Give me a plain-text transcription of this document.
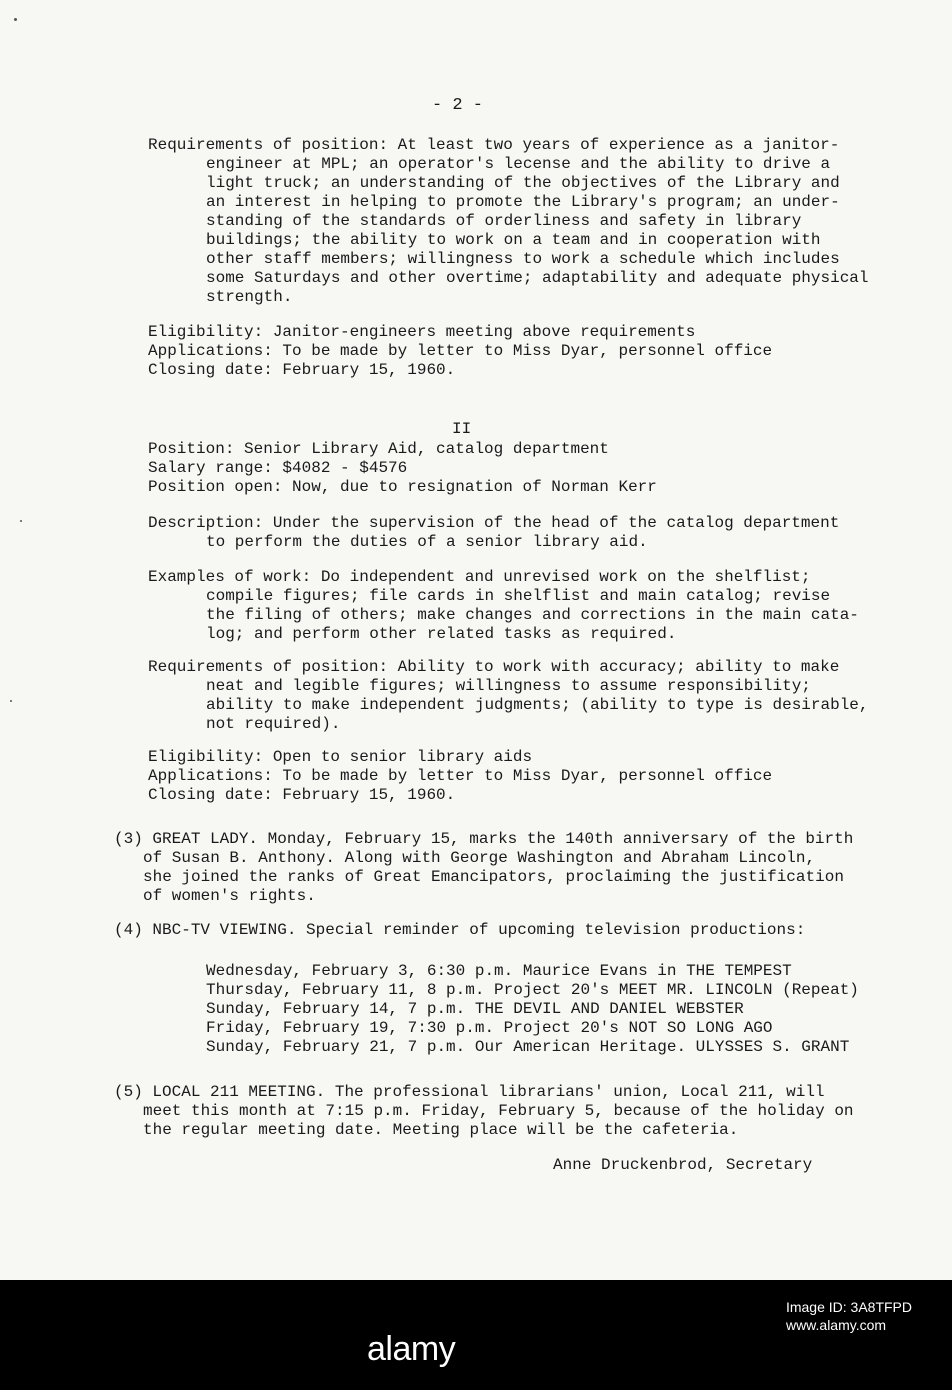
- 2 -

Requirements of position: At least two years of experience as a janitor-

engineer at MPL; an operator's lecense and the ability to drive a

light truck; an understanding of the objectives of the Library and

an interest in helping to promote the Library's program; an under-

standing of the standards of orderliness and safety in library

buildings; the ability to work on a team and in cooperation with

other staff members; willingness to work a schedule which includes

some Saturdays and other overtime; adaptability and adequate physical

strength.

Eligibility: Janitor-engineers meeting above requirements

Applications: To be made by letter to Miss Dyar, personnel office

Closing date: February 15, 1960.

II

Position: Senior Library Aid, catalog department

Salary range: $4082 - $4576

Position open: Now, due to resignation of Norman Kerr

Description: Under the supervision of the head of the catalog department

to perform the duties of a senior library aid.

Examples of work: Do independent and unrevised work on the shelflist;

compile figures; file cards in shelflist and main catalog; revise

the filing of others; make changes and corrections in the main cata-

log; and perform other related tasks as required.

Requirements of position: Ability to work with accuracy; ability to make

neat and legible figures; willingness to assume responsibility;

ability to make independent judgments; (ability to type is desirable,

not required).

Eligibility: Open to senior library aids

Applications: To be made by letter to Miss Dyar, personnel office

Closing date: February 15, 1960.

(3) GREAT LADY. Monday, February 15, marks the 140th anniversary of the birth

of Susan B. Anthony. Along with George Washington and Abraham Lincoln,

she joined the ranks of Great Emancipators, proclaiming the justification

of women's rights.

(4) NBC-TV VIEWING. Special reminder of upcoming television productions:

Wednesday, February 3, 6:30 p.m. Maurice Evans in THE TEMPEST

Thursday, February 11, 8 p.m. Project 20's MEET MR. LINCOLN (Repeat)

Sunday, February 14, 7 p.m. THE DEVIL AND DANIEL WEBSTER

Friday, February 19, 7:30 p.m. Project 20's NOT SO LONG AGO

Sunday, February 21, 7 p.m. Our American Heritage. ULYSSES S. GRANT

(5) LOCAL 211 MEETING. The professional librarians' union, Local 211, will

meet this month at 7:15 p.m. Friday, February 5, because of the holiday on

the regular meeting date. Meeting place will be the cafeteria.

Anne Druckenbrod, Secretary
alamy
Image ID: 3A8TFPD
www.alamy.com
